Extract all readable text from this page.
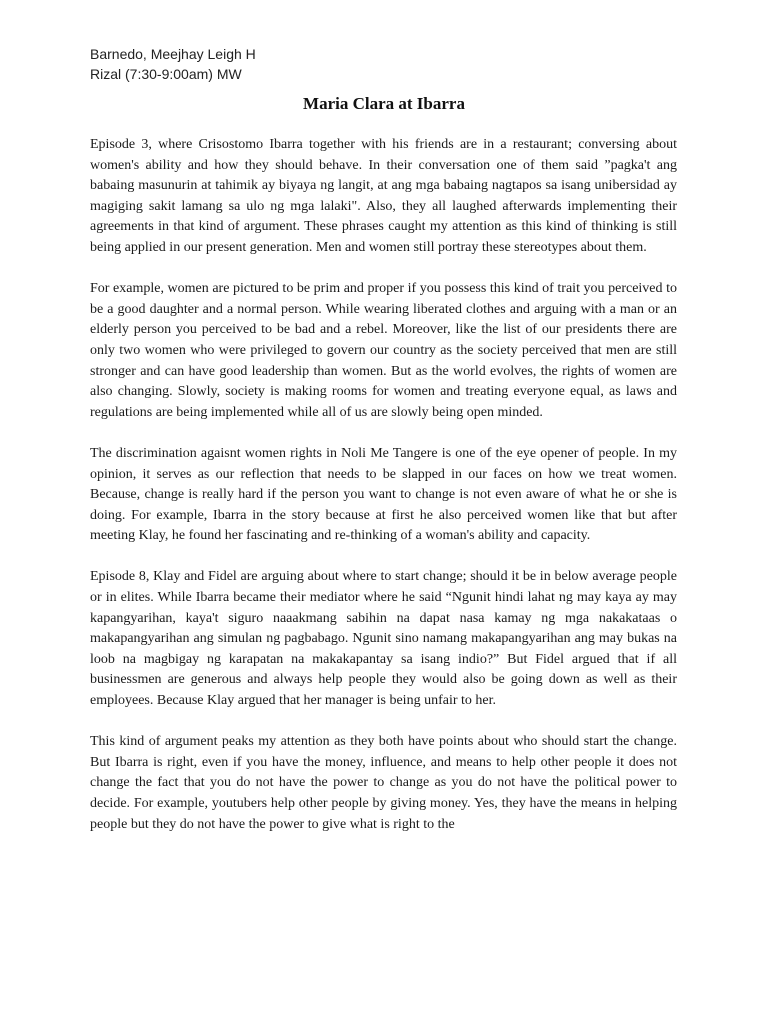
Barnedo, Meejhay Leigh H
Rizal (7:30-9:00am) MW
Maria Clara at Ibarra

Episode 3, where Crisostomo Ibarra together with his friends are in a restaurant; conversing about women's ability and how they should behave. In their conversation one of them said ”pagka't ang babaing masunurin at tahimik ay biyaya ng langit, at ang mga babaing nagtapos sa isang unibersidad ay magiging sakit lamang sa ulo ng mga lalaki". Also, they all laughed afterwards implementing their agreements in that kind of argument. These phrases caught my attention as this kind of thinking is still being applied in our present generation. Men and women still portray these stereotypes about them.

For example, women are pictured to be prim and proper if you possess this kind of trait you perceived to be a good daughter and a normal person. While wearing liberated clothes and arguing with a man or an elderly person you perceived to be bad and a rebel. Moreover, like the list of our presidents there are only two women who were privileged to govern our country as the society perceived that men are still stronger and can have good leadership than women. But as the world evolves, the rights of women are also changing. Slowly, society is making rooms for women and treating everyone equal, as laws and regulations are being implemented while all of us are slowly being open minded.

The discrimination agaisnt women rights in Noli Me Tangere is one of the eye opener of people. In my opinion, it serves as our reflection that needs to be slapped in our faces on how we treat women. Because, change is really hard if the person you want to change is not even aware of what he or she is doing. For example, Ibarra in the story because at first he also perceived women like that but after meeting Klay, he found her fascinating and re-thinking of a woman's ability and capacity.

Episode 8, Klay and Fidel are arguing about where to start change; should it be in below average people or in elites. While Ibarra became their mediator where he said “Ngunit hindi lahat ng may kaya ay may kapangyarihan, kaya't siguro naaakmang sabihin na dapat nasa kamay ng mga nakakataas o makapangyarihan ang simulan ng pagbabago. Ngunit sino namang makapangyarihan ang may bukas na loob na magbigay ng karapatan na makakapantay sa isang indio?” But Fidel argued that if all businessmen are generous and always help people they would also be going down as well as their employees. Because Klay argued that her manager is being unfair to her.

This kind of argument peaks my attention as they both have points about who should start the change. But Ibarra is right, even if you have the money, influence, and means to help other people it does not change the fact that you do not have the power to change as you do not have the political power to decide. For example, youtubers help other people by giving money. Yes, they have the means in helping people but they do not have the power to give what is right to the
